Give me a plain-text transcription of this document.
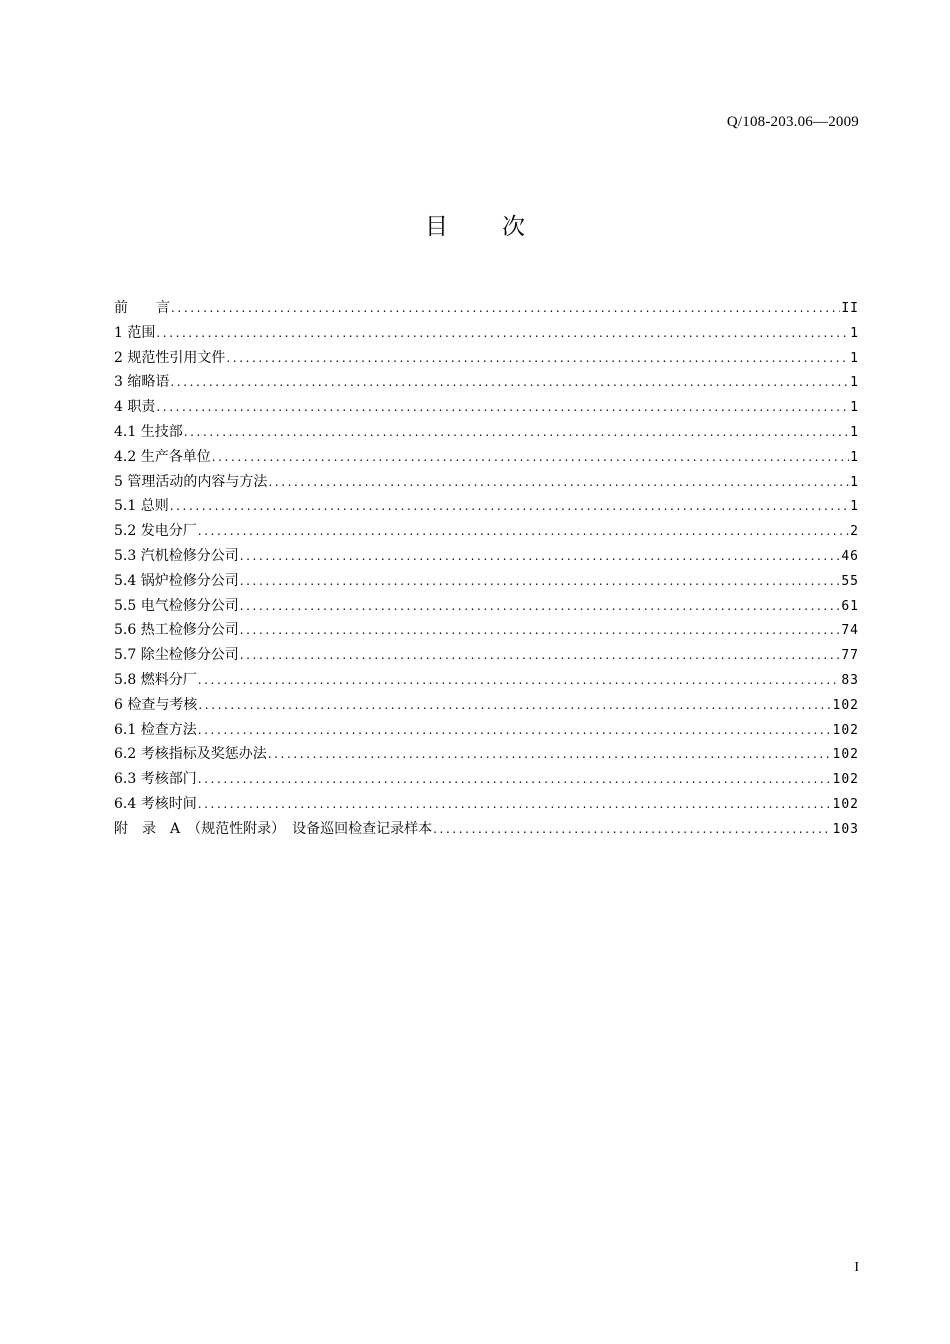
Q/108-203.06—2009
目 次
前　　言 .....	II
1 范围 .....	1
2 规范性引用文件 .....	1
3 缩略语 .....	1
4 职责 .....	1
4.1 生技部 .....	1
4.2 生产各单位 .....	1
5 管理活动的内容与方法 .....	1
5.1 总则 .....	1
5.2 发电分厂 .....	2
5.3 汽机检修分公司 .....	46
5.4 锅炉检修分公司 .....	55
5.5 电气检修分公司 .....	61
5.6 热工检修分公司 .....	74
5.7 除尘检修分公司 .....	77
5.8 燃料分厂 .....	83
6 检查与考核 .....	102
6.1 检查方法 .....	102
6.2 考核指标及奖惩办法 .....	102
6.3 考核部门 .....	102
6.4 考核时间 .....	102
附　录　A　（规范性附录）　设备巡回检查记录样本 .....	103
I
